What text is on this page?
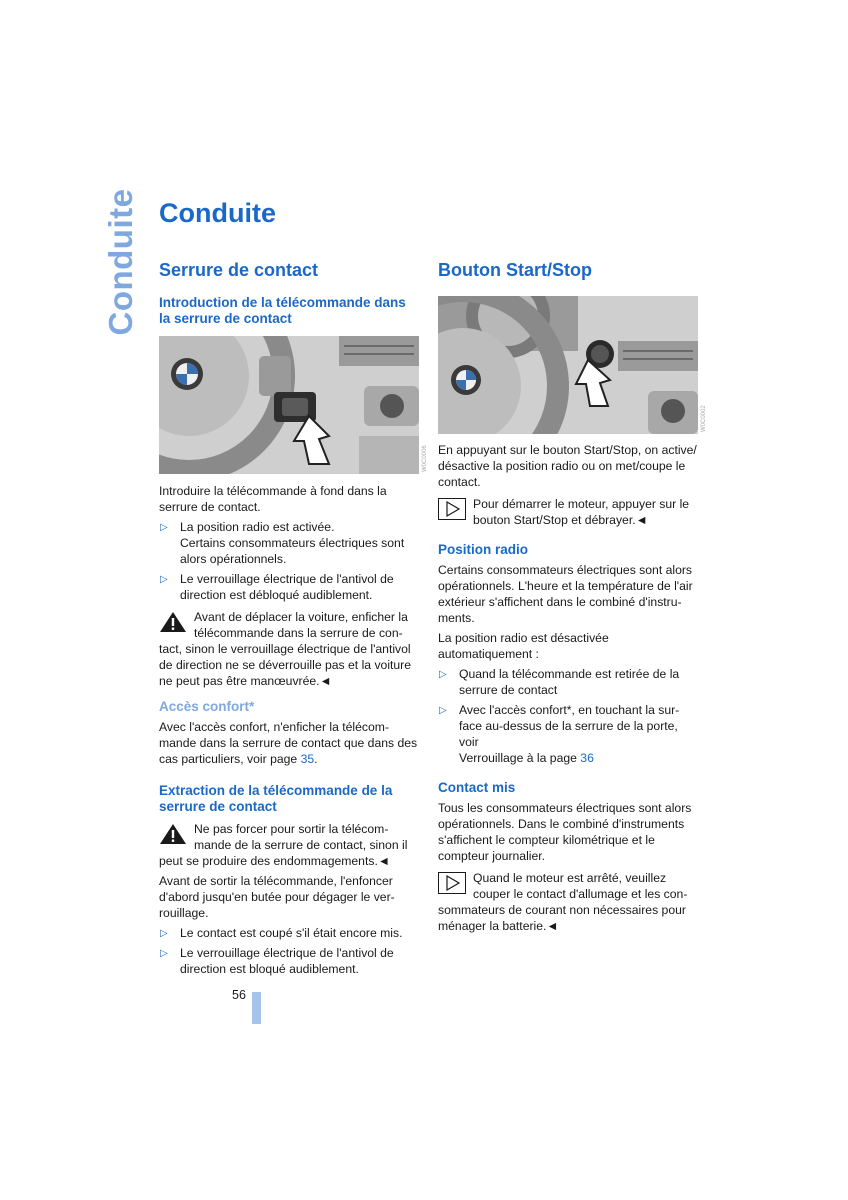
Conduite Conduite
Serrure de contact
Introduction de la télécommande dans la serrure de contact
W0C0006

Introduire la télécommande à fond dans la serrure de contact.

▷ La position radio est activée.
Certains consommateurs électriques sont
alors opérationnels.
▷ Le verrouillage électrique de l'antivol de
direction est débloqué audiblement.
Avant de déplacer la voiture, enficher la
télécommande dans la serrure de con-
tact, sinon le verrouillage électrique de l'antivol
de direction ne se déverrouille pas et la voiture
ne peut pas être manœuvrée.◄
Accès confort*
Avec l'accès confort, n'enficher la télécom-
mande dans la serrure de contact que dans des
cas particuliers, voir page 35.
Extraction de la télécommande de la serrure de contact
Ne pas forcer pour sortir la télécom-
mande de la serrure de contact, sinon il
peut se produire des endommagements.◄
Avant de sortir la télécommande, l'enfoncer
d'abord jusqu'en butée pour dégager le ver-
rouillage.
▷ Le contact est coupé s'il était encore mis.
▷ Le verrouillage électrique de l'antivol de
direction est bloqué audiblement.
Bouton Start/Stop
W0C0002
En appuyant sur le bouton Start/Stop, on active/
désactive la position radio ou on met/coupe le
contact.
Pour démarrer le moteur, appuyer sur le
bouton Start/Stop et débrayer.◄
Position radio
Certains consommateurs électriques sont alors
opérationnels. L'heure et la température de l'air
extérieur s'affichent dans le combiné d'instru-
ments.
La position radio est désactivée
automatiquement :
▷ Quand la télécommande est retirée de la
serrure de contact
▷ Avec l'accès confort*, en touchant la sur-
face au-dessus de la serrure de la porte, voir
Verrouillage à la page 36
Contact mis
Tous les consommateurs électriques sont alors
opérationnels. Dans le combiné d'instruments
s'affichent le compteur kilométrique et le
compteur journalier.
Quand le moteur est arrêté, veuillez
couper le contact d'allumage et les con-
sommateurs de courant non nécessaires pour
ménager la batterie.◄
56
